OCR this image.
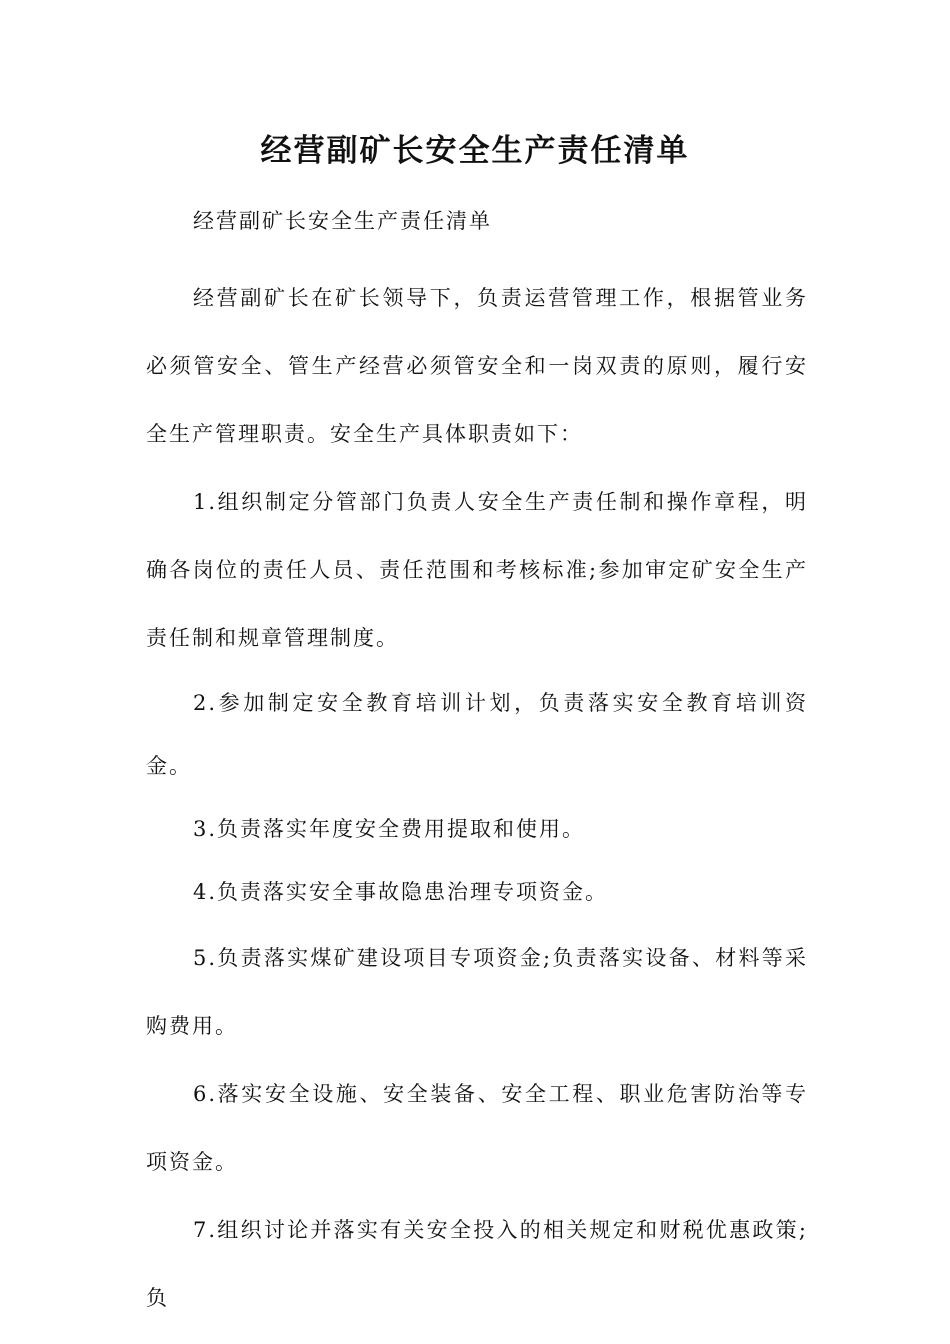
经营副矿长安全生产责任清单

经营副矿长安全生产责任清单

经营副矿长在矿长领导下，负责运营管理工作，根据管业务必须管安全、管生产经营必须管安全和一岗双责的原则，履行安全生产管理职责。安全生产具体职责如下：

1.组织制定分管部门负责人安全生产责任制和操作章程，明确各岗位的责任人员、责任范围和考核标准;参加审定矿安全生产责任制和规章管理制度。

2.参加制定安全教育培训计划，负责落实安全教育培训资金。

3.负责落实年度安全费用提取和使用。

4.负责落实安全事故隐患治理专项资金。

5.负责落实煤矿建设项目专项资金;负责落实设备、材料等采购费用。

6.落实安全设施、安全装备、安全工程、职业危害防治等专项资金。

7.组织讨论并落实有关安全投入的相关规定和财税优惠政策;负
